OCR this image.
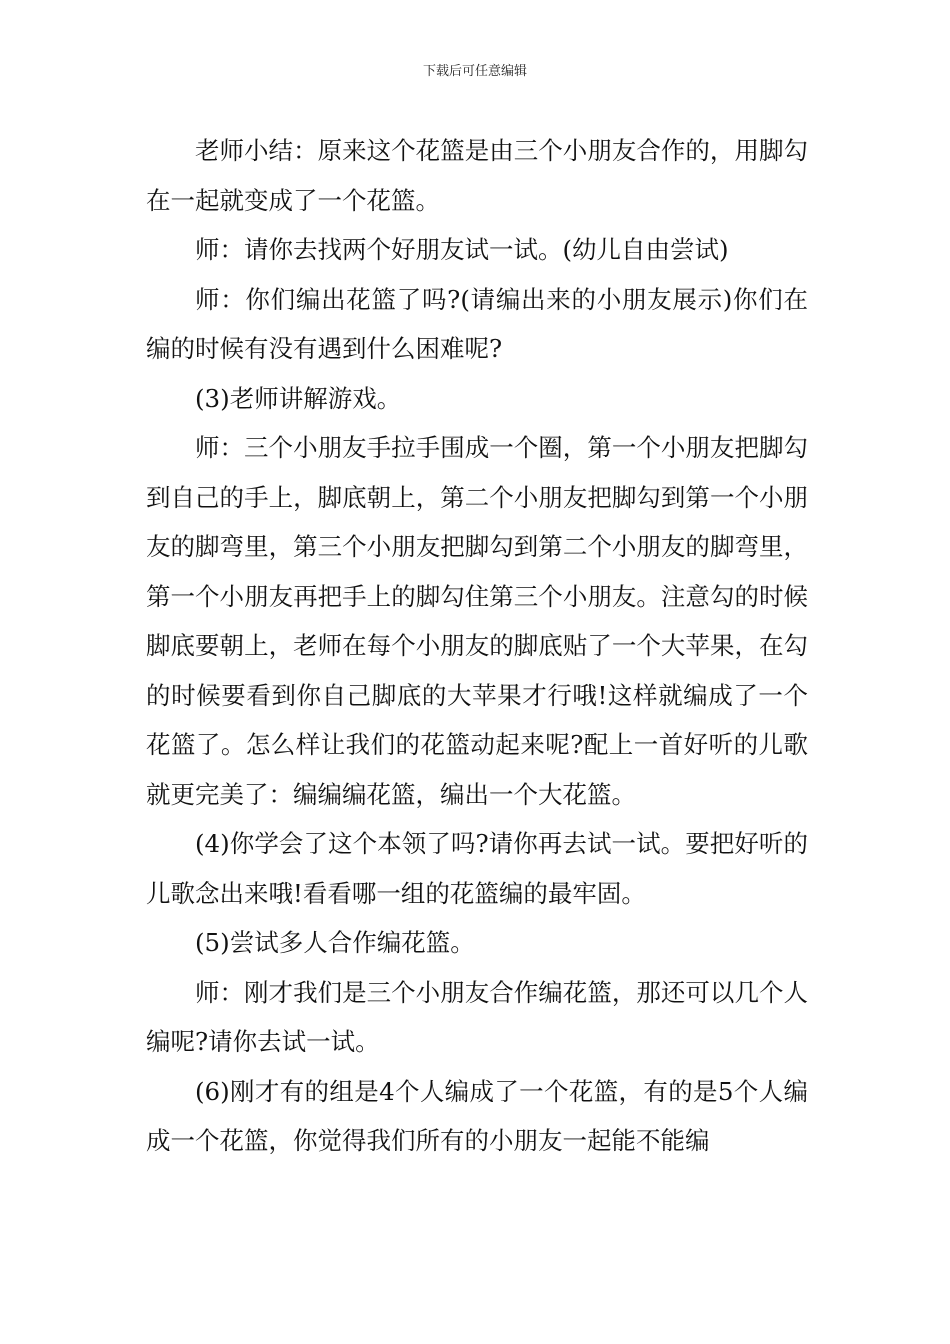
下载后可任意编辑

老师小结：原来这个花篮是由三个小朋友合作的，用脚勾在一起就变成了一个花篮。

师：请你去找两个好朋友试一试。(幼儿自由尝试)

师：你们编出花篮了吗?(请编出来的小朋友展示)你们在编的时候有没有遇到什么困难呢?

(3)老师讲解游戏。

师：三个小朋友手拉手围成一个圈，第一个小朋友把脚勾到自己的手上，脚底朝上，第二个小朋友把脚勾到第一个小朋友的脚弯里，第三个小朋友把脚勾到第二个小朋友的脚弯里，第一个小朋友再把手上的脚勾住第三个小朋友。注意勾的时候脚底要朝上，老师在每个小朋友的脚底贴了一个大苹果，在勾的时候要看到你自己脚底的大苹果才行哦!这样就编成了一个花篮了。怎么样让我们的花篮动起来呢?配上一首好听的儿歌就更完美了：编编编花篮，编出一个大花篮。

(4)你学会了这个本领了吗?请你再去试一试。要把好听的儿歌念出来哦!看看哪一组的花篮编的最牢固。

(5)尝试多人合作编花篮。

师：刚才我们是三个小朋友合作编花篮，那还可以几个人编呢?请你去试一试。

(6)刚才有的组是4个人编成了一个花篮，有的是5个人编成一个花篮，你觉得我们所有的小朋友一起能不能编
